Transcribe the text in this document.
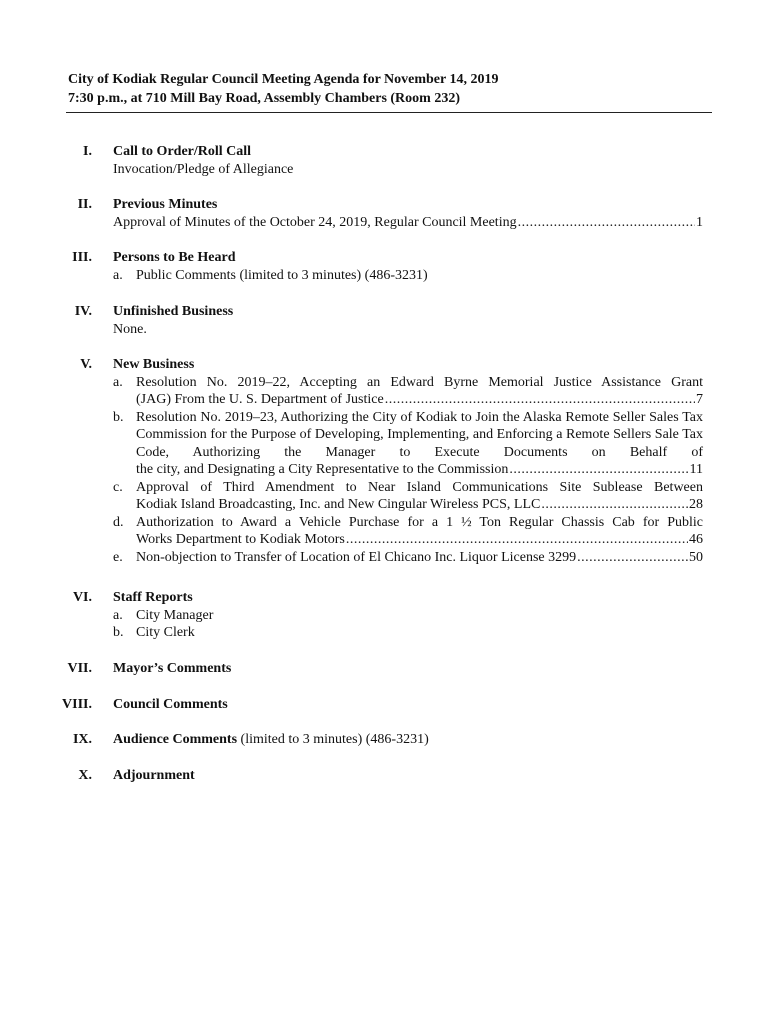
City of Kodiak Regular Council Meeting Agenda for November 14, 2019
7:30 p.m., at 710 Mill Bay Road, Assembly Chambers (Room 232)
I. Call to Order/Roll Call
Invocation/Pledge of Allegiance
II. Previous Minutes
Approval of Minutes of the October 24, 2019, Regular Council Meeting .....	1
III. Persons to Be Heard
a. Public Comments (limited to 3 minutes) (486-3231)
IV. Unfinished Business
None.
V. New Business
a. Resolution No. 2019–22, Accepting an Edward Byrne Memorial Justice Assistance Grant
(JAG) From the U. S. Department of Justice .....	7
b. Resolution No. 2019–23, Authorizing the City of Kodiak to Join the Alaska Remote Seller Sales Tax Commission for the Purpose of Developing, Implementing, and Enforcing a Remote Sellers Sale Tax Code, Authorizing the Manager to Execute Documents on Behalf of
the city, and Designating a City Representative to the Commission .....	11
c. Approval of Third Amendment to Near Island Communications Site Sublease Between
Kodiak Island Broadcasting, Inc. and New Cingular Wireless PCS, LLC .....	28
d. Authorization to Award a Vehicle Purchase for a 1 ½ Ton Regular Chassis Cab for Public
Works Department to Kodiak Motors .....	46
e. Non-objection to Transfer of Location of El Chicano Inc. Liquor License 3299 .....	50
VI. Staff Reports
a. City Manager
b. City Clerk
VII. Mayor’s Comments
VIII. Council Comments
IX. Audience Comments (limited to 3 minutes) (486-3231)
X. Adjournment
